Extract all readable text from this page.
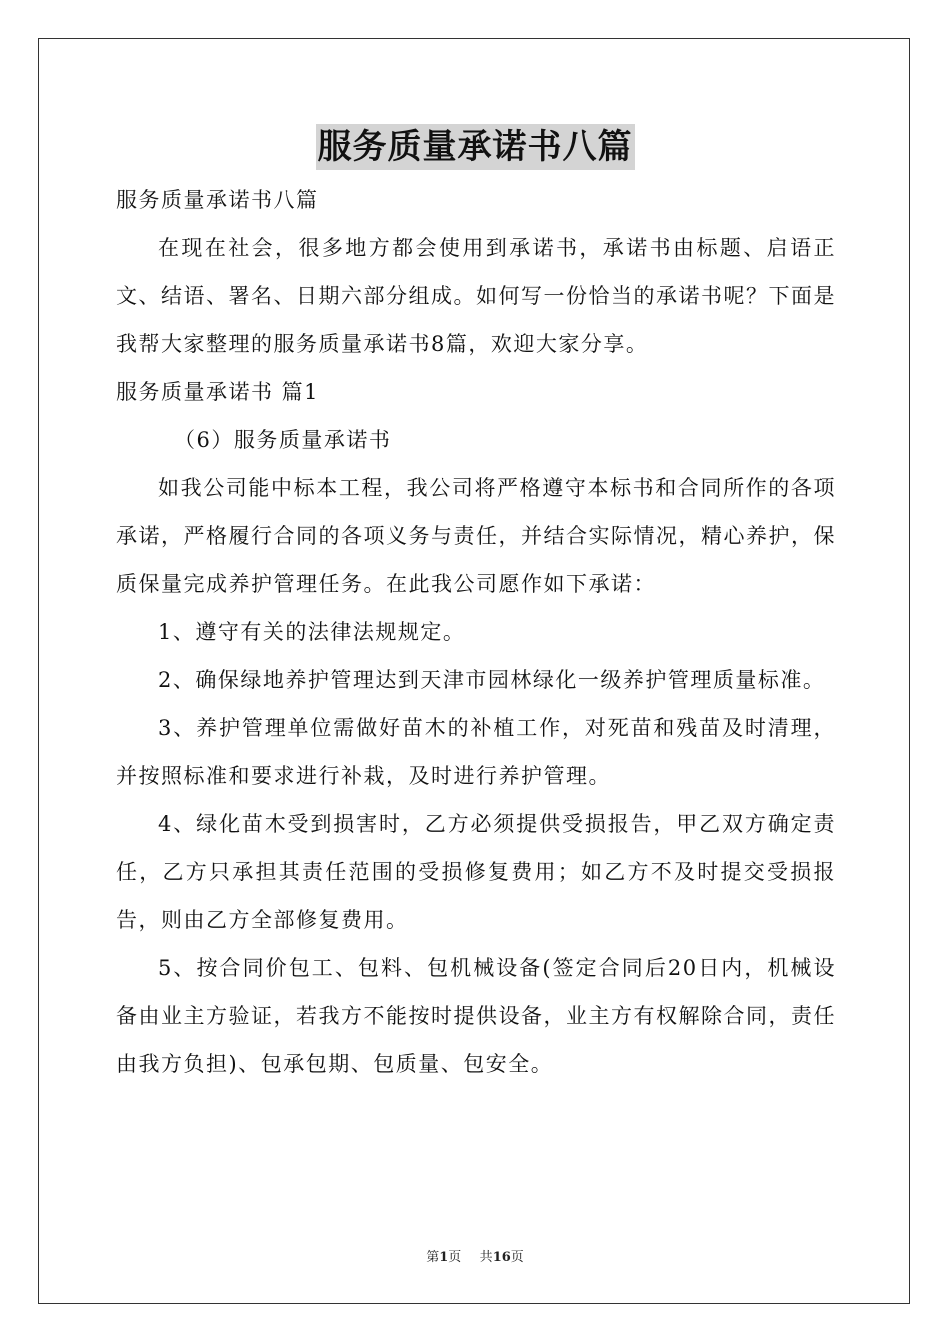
服务质量承诺书八篇

服务质量承诺书八篇

在现在社会，很多地方都会使用到承诺书，承诺书由标题、启语正文、结语、署名、日期六部分组成。如何写一份恰当的承诺书呢？下面是我帮大家整理的服务质量承诺书8篇，欢迎大家分享。

服务质量承诺书 篇1

（6）服务质量承诺书

如我公司能中标本工程，我公司将严格遵守本标书和合同所作的各项承诺，严格履行合同的各项义务与责任，并结合实际情况，精心养护，保质保量完成养护管理任务。在此我公司愿作如下承诺：

1、遵守有关的法律法规规定。

2、确保绿地养护管理达到天津市园林绿化一级养护管理质量标准。

3、养护管理单位需做好苗木的补植工作，对死苗和残苗及时清理，并按照标准和要求进行补栽，及时进行养护管理。

4、绿化苗木受到损害时，乙方必须提供受损报告，甲乙双方确定责任，乙方只承担其责任范围的受损修复费用；如乙方不及时提交受损报告，则由乙方全部修复费用。

5、按合同价包工、包料、包机械设备(签定合同后20日内，机械设备由业主方验证，若我方不能按时提供设备，业主方有权解除合同，责任由我方负担)、包承包期、包质量、包安全。

第1页 共16页
